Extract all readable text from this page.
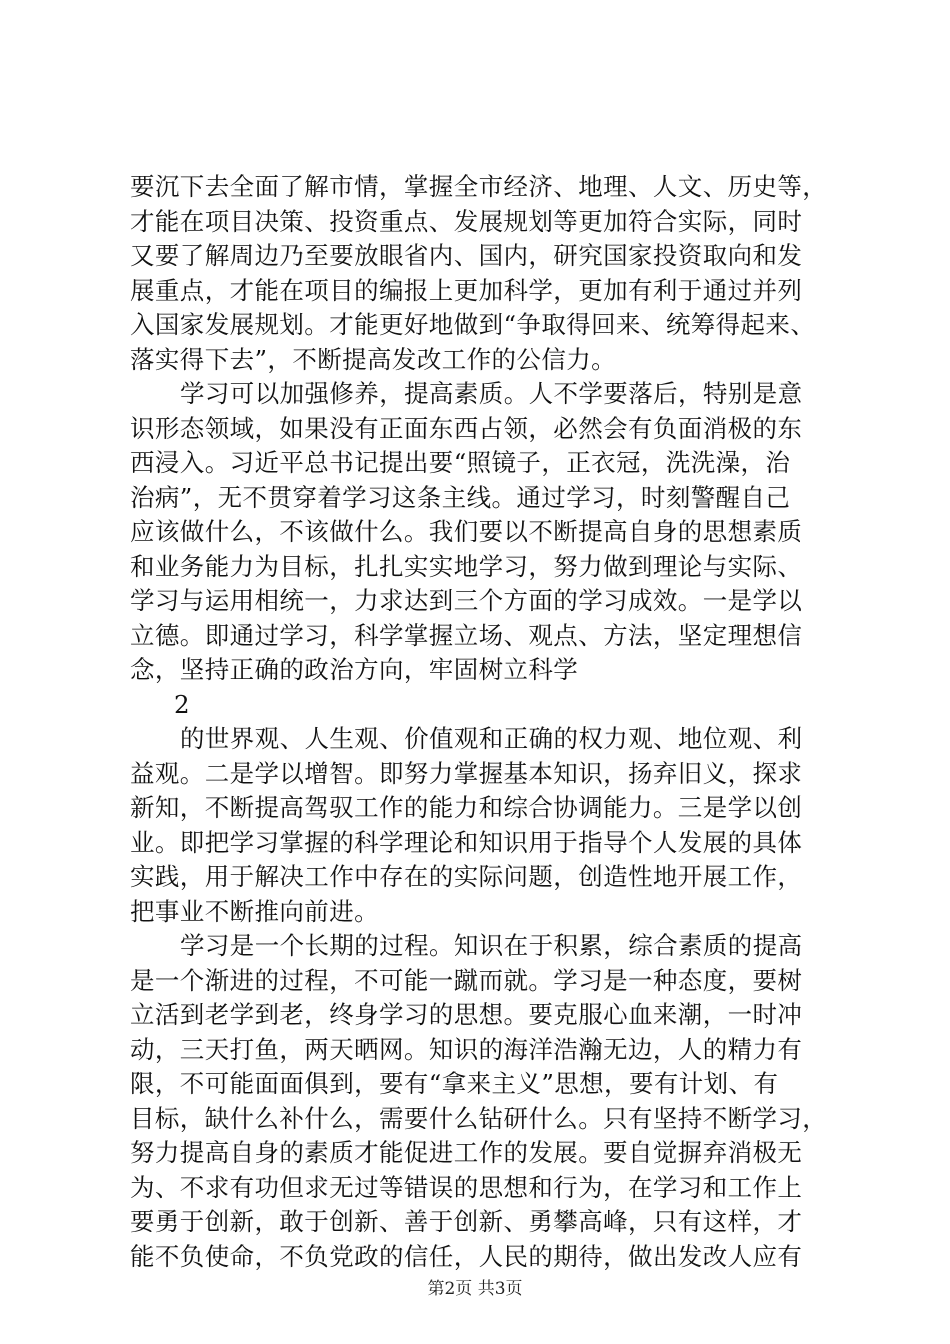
要沉下去全面了解市情，掌握全市经济、地理、人文、历史等，
才能在项目决策、投资重点、发展规划等更加符合实际，同时
又要了解周边乃至要放眼省内、国内，研究国家投资取向和发
展重点，才能在项目的编报上更加科学，更加有利于通过并列
入国家发展规划。才能更好地做到“争取得回来、统筹得起来、
落实得下去”，不断提高发改工作的公信力。
学习可以加强修养，提高素质。人不学要落后，特别是意
识形态领域，如果没有正面东西占领，必然会有负面消极的东
西浸入。习近平总书记提出要“照镜子，正衣冠，洗洗澡，治
治病”，无不贯穿着学习这条主线。通过学习，时刻警醒自己
应该做什么，不该做什么。我们要以不断提高自身的思想素质
和业务能力为目标，扎扎实实地学习，努力做到理论与实际、
学习与运用相统一，力求达到三个方面的学习成效。一是学以
立德。即通过学习，科学掌握立场、观点、方法，坚定理想信
念，坚持正确的政治方向，牢固树立科学
2
的世界观、人生观、价值观和正确的权力观、地位观、利
益观。二是学以增智。即努力掌握基本知识，扬弃旧义，探求
新知，不断提高驾驭工作的能力和综合协调能力。三是学以创
业。即把学习掌握的科学理论和知识用于指导个人发展的具体
实践，用于解决工作中存在的实际问题，创造性地开展工作，
把事业不断推向前进。
学习是一个长期的过程。知识在于积累，综合素质的提高
是一个渐进的过程，不可能一蹴而就。学习是一种态度，要树
立活到老学到老，终身学习的思想。要克服心血来潮，一时冲
动，三天打鱼，两天晒网。知识的海洋浩瀚无边，人的精力有
限，不可能面面俱到，要有“拿来主义”思想，要有计划、有
目标，缺什么补什么，需要什么钻研什么。只有坚持不断学习，
努力提高自身的素质才能促进工作的发展。要自觉摒弃消极无
为、不求有功但求无过等错误的思想和行为，在学习和工作上
要勇于创新，敢于创新、善于创新、勇攀高峰，只有这样，才
能不负使命，不负党政的信任，人民的期待，做出发改人应有
第2页 共3页
